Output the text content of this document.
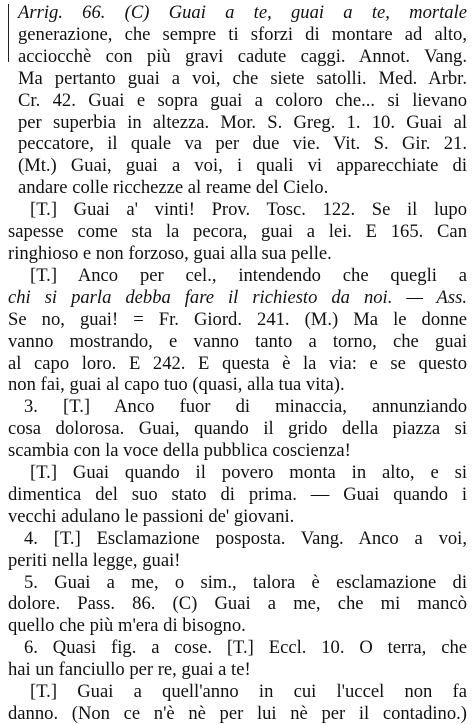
Arrig. 66. (C) Guai a te, guai a te, mortale
generazione, che sempre ti sforzi di montare ad alto,
acciocchè con più gravi cadute caggi. Annot. Vang.
Ma pertanto guai a voi, che siete satolli. Med. Arbr.
Cr. 42. Guai e sopra guai a coloro che... si lievano
per superbia in altezza. Mor. S. Greg. 1. 10. Guai al
peccatore, il quale va per due vie. Vit. S. Gir. 21.
(Mt.) Guai, guai a voi, i quali vi apparecchiate di
andare colle ricchezze al reame del Cielo.
[T.] Guai a' vinti! Prov. Tosc. 122. Se il lupo
sapesse come sta la pecora, guai a lei. E 165. Can
ringhioso e non forzoso, guai alla sua pelle.
[T.] Anco per cel., intendendo che quegli a
chi si parla debba fare il richiesto da noi. — Ass.
Se no, guai! = Fr. Giord. 241. (M.) Ma le donne
vanno mostrando, e vanno tanto a torno, che guai
al capo loro. E 242. E questa è la via: e se questo
non fai, guai al capo tuo (quasi, alla tua vita).
3. [T.] Anco fuor di minaccia, annunziando
cosa dolorosa. Guai, quando il grido della piazza si
scambia con la voce della pubblica coscienza!
[T.] Guai quando il povero monta in alto, e si
dimentica del suo stato di prima. — Guai quando i
vecchi adulano le passioni de' giovani.
4. [T.] Esclamazione posposta. Vang. Anco a voi,
periti nella legge, guai!
5. Guai a me, o sim., talora è esclamazione di
dolore. Pass. 86. (C) Guai a me, che mi mancò
quello che più m'era di bisogno.
6. Quasi fig. a cose. [T.] Eccl. 10. O terra, che
hai un fanciullo per re, guai a te!
[T.] Guai a quell'anno in cui l'uccel non fa
danno. (Non ce n'è nè per lui nè per il contadino.)
